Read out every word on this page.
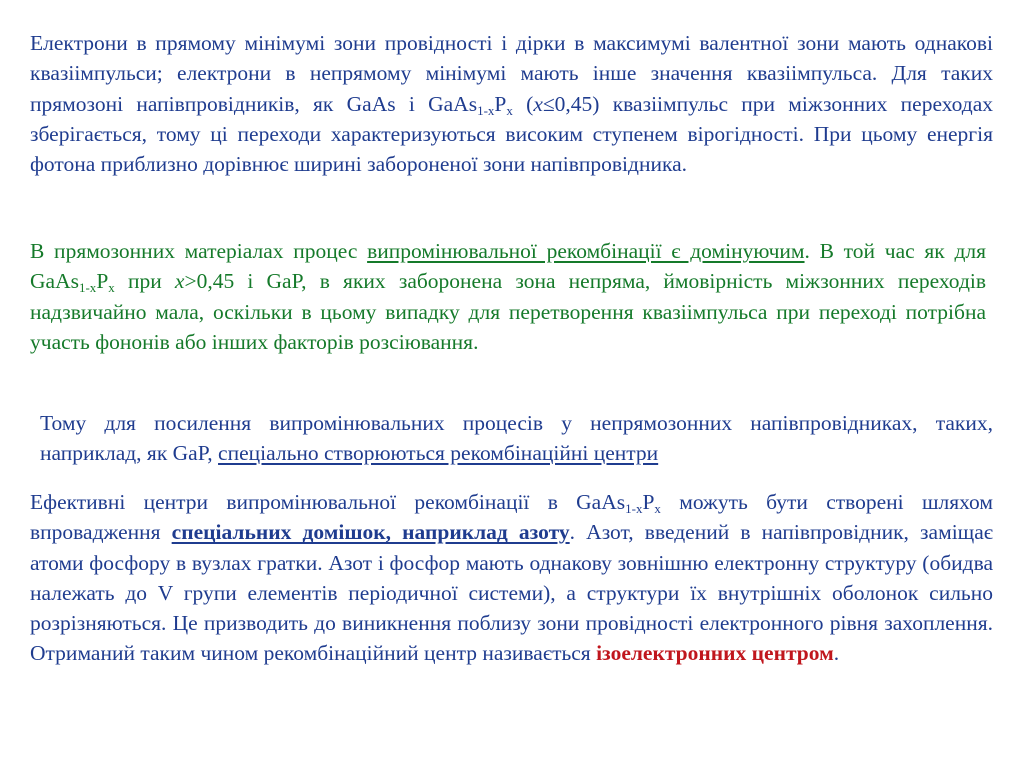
Електрони в прямому мінімумі зони провідності і дірки в максимумі валентної зони мають однакові квазіімпульси; електрони в непрямому мінімумі мають інше значення квазіімпульса. Для таких прямозоні напівпровідників, як GaAs і $GaAs_{1-x}P_x$ (x≤0,45) квазіімпульс при міжзонних переходах зберігається, тому ці переходи характеризуються високим ступенем вірогідності. При цьому енергія фотона приблизно дорівнює ширині забороненої зони напівпровідника.

В прямозонних матеріалах процес випромінювальної рекомбінації є домінуючим. В той час як для $GaAs_{1-x}P_x$ при x>0,45 і GaP, в яких заборонена зона непряма, ймовірність міжзонних переходів надзвичайно мала, оскільки в цьому випадку для перетворення квазіімпульса при переході потрібна участь фононів або інших факторів розсіювання.

Тому для посилення випромінювальних процесів у непрямозонних напівпровідниках, таких, наприклад, як GaP, спеціально створюються рекомбінаційні центри

Ефективні центри випромінювальної рекомбінації в $GaAs_{1-x}P_x$ можуть бути створені шляхом впровадження спеціальних домішок, наприклад азоту. Азот, введений в напівпровідник, заміщає атоми фосфору в вузлах гратки. Азот і фосфор мають однакову зовнішню електронну структуру (обидва належать до V групи елементів періодичної системи), а структури їх внутрішніх оболонок сильно розрізняються. Це призводить до виникнення поблизу зони провідності електронного рівня захоплення. Отриманий таким чином рекомбінаційний центр називається ізоелектронних центром.
